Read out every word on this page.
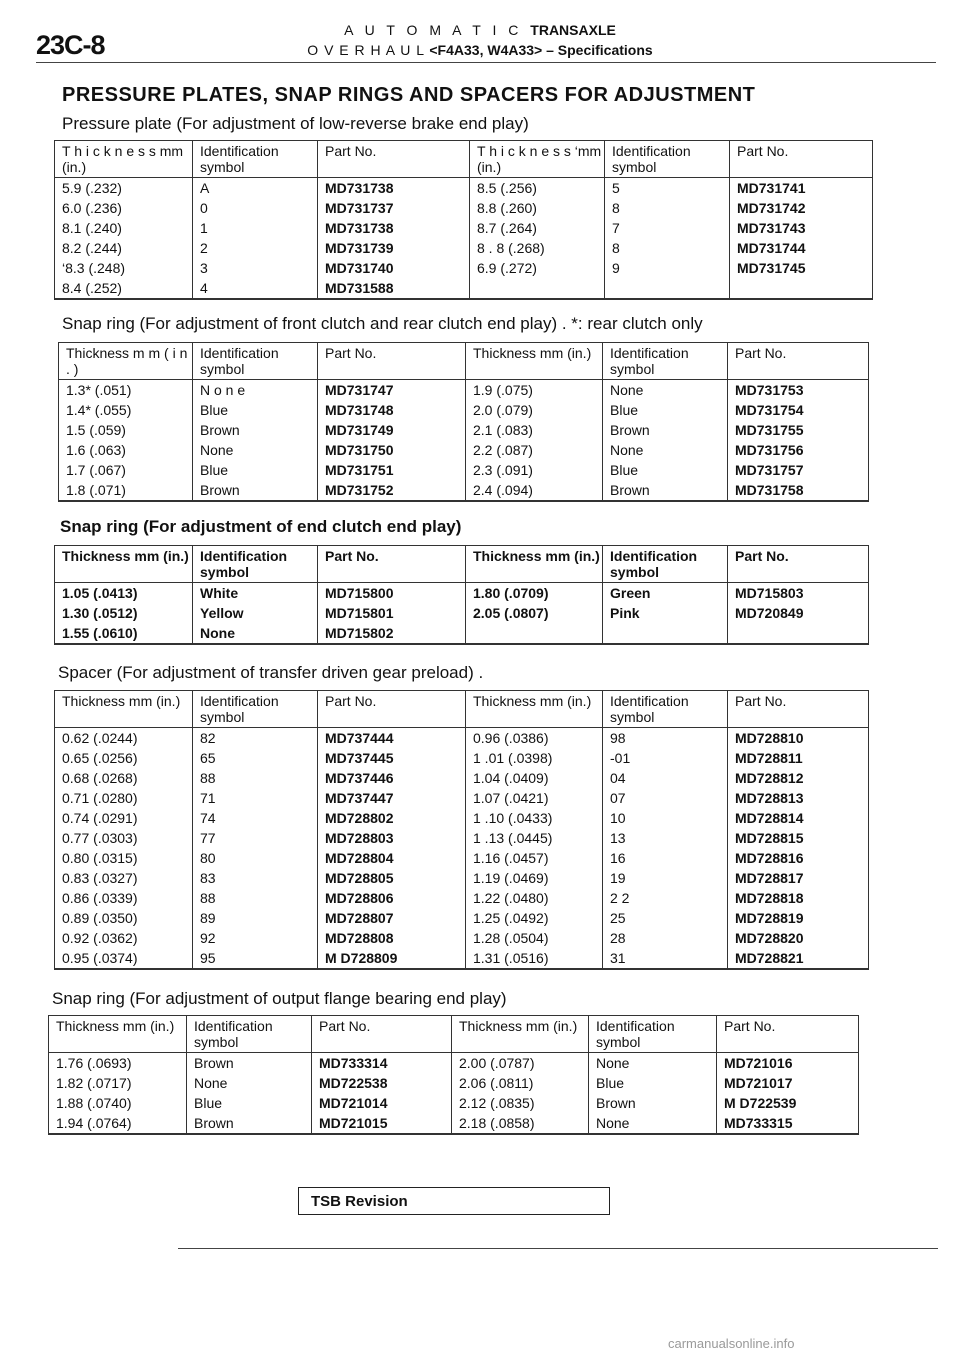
23C-8	A U T O M A T I C TRANSAXLE
O V E R H A U L <F4A33, W4A33> – Specifications
PRESSURE PLATES, SNAP RINGS AND SPACERS FOR ADJUSTMENT
Pressure plate (For adjustment of low-reverse brake end play)
T h i c k n e s s mm (in.)	Identification symbol	Part No.	T h i c k n e s s ‘mm (in.)	Identification symbol	Part No.
5.9 (.232)	A	MD731738	8.5 (.256)	5	MD731741
6.0 (.236)	0	MD731737	8.8 (.260)	8	MD731742
8.1 (.240)	1	MD731738	8.7 (.264)	7	MD731743
8.2 (.244)	2	MD731739	8 . 8 (.268)	8	MD731744
‘8.3 (.248)	3	MD731740	6.9 (.272)	9	MD731745
8.4 (.252)	4	MD731588			
Snap ring (For adjustment of front clutch and rear clutch end play) . *: rear clutch only
Thickness m m ( i n . )	Identification symbol	Part No.	Thickness mm (in.)	Identification symbol	Part No.
1.3* (.051)	N o n e	MD731747	1.9 (.075)	None	MD731753
1.4* (.055)	Blue	MD731748	2.0 (.079)	Blue	MD731754
1.5 (.059)	Brown	MD731749	2.1 (.083)	Brown	MD731755
1.6 (.063)	None	MD731750	2.2 (.087)	None	MD731756
1.7 (.067)	Blue	MD731751	2.3 (.091)	Blue	MD731757
1.8 (.071)	Brown	MD731752	2.4 (.094)	Brown	MD731758
Snap ring (For adjustment of end clutch end play)
Thickness mm (in.)	Identification symbol	Part No.	Thickness mm (in.)	Identification symbol	Part No.
1.05 (.0413)	White	MD715800	1.80 (.0709)	Green	MD715803
1.30 (.0512)	Yellow	MD715801	2.05 (.0807)	Pink	MD720849
1.55 (.0610)	None	MD715802			
Spacer (For adjustment of transfer driven gear preload) .
Thickness mm (in.)	Identification symbol	Part No.	Thickness mm (in.)	Identification symbol	Part No.
0.62 (.0244)	82	MD737444	0.96 (.0386)	98	MD728810
0.65 (.0256)	65	MD737445	1 .01 (.0398)	-01	MD728811
0.68 (.0268)	88	MD737446	1.04 (.0409)	04	MD728812
0.71 (.0280)	71	MD737447	1.07 (.0421)	07	MD728813
0.74 (.0291)	74	MD728802	1 .10 (.0433)	10	MD728814
0.77 (.0303)	77	MD728803	1 .13 (.0445)	13	MD728815
0.80 (.0315)	80	MD728804	1.16 (.0457)	16	MD728816
0.83 (.0327)	83	MD728805	1.19 (.0469)	19	MD728817
0.86 (.0339)	88	MD728806	1.22 (.0480)	2 2	MD728818
0.89 (.0350)	89	MD728807	1.25 (.0492)	25	MD728819
0.92 (.0362)	92	MD728808	1.28 (.0504)	28	MD728820
0.95 (.0374)	95	M D728809	1.31 (.0516)	31	MD728821
Snap ring (For adjustment of output flange bearing end play)
Thickness mm (in.)	Identification symbol	Part No.	Thickness mm (in.)	Identification symbol	Part No.
1.76 (.0693)	Brown	MD733314	2.00 (.0787)	None	MD721016
1.82 (.0717)	None	MD722538	2.06 (.0811)	Blue	MD721017
1.88 (.0740)	Blue	MD721014	2.12 (.0835)	Brown	M D722539
1.94 (.0764)	Brown	MD721015	2.18 (.0858)	None	MD733315
TSB Revision
carmanualsonline.info
